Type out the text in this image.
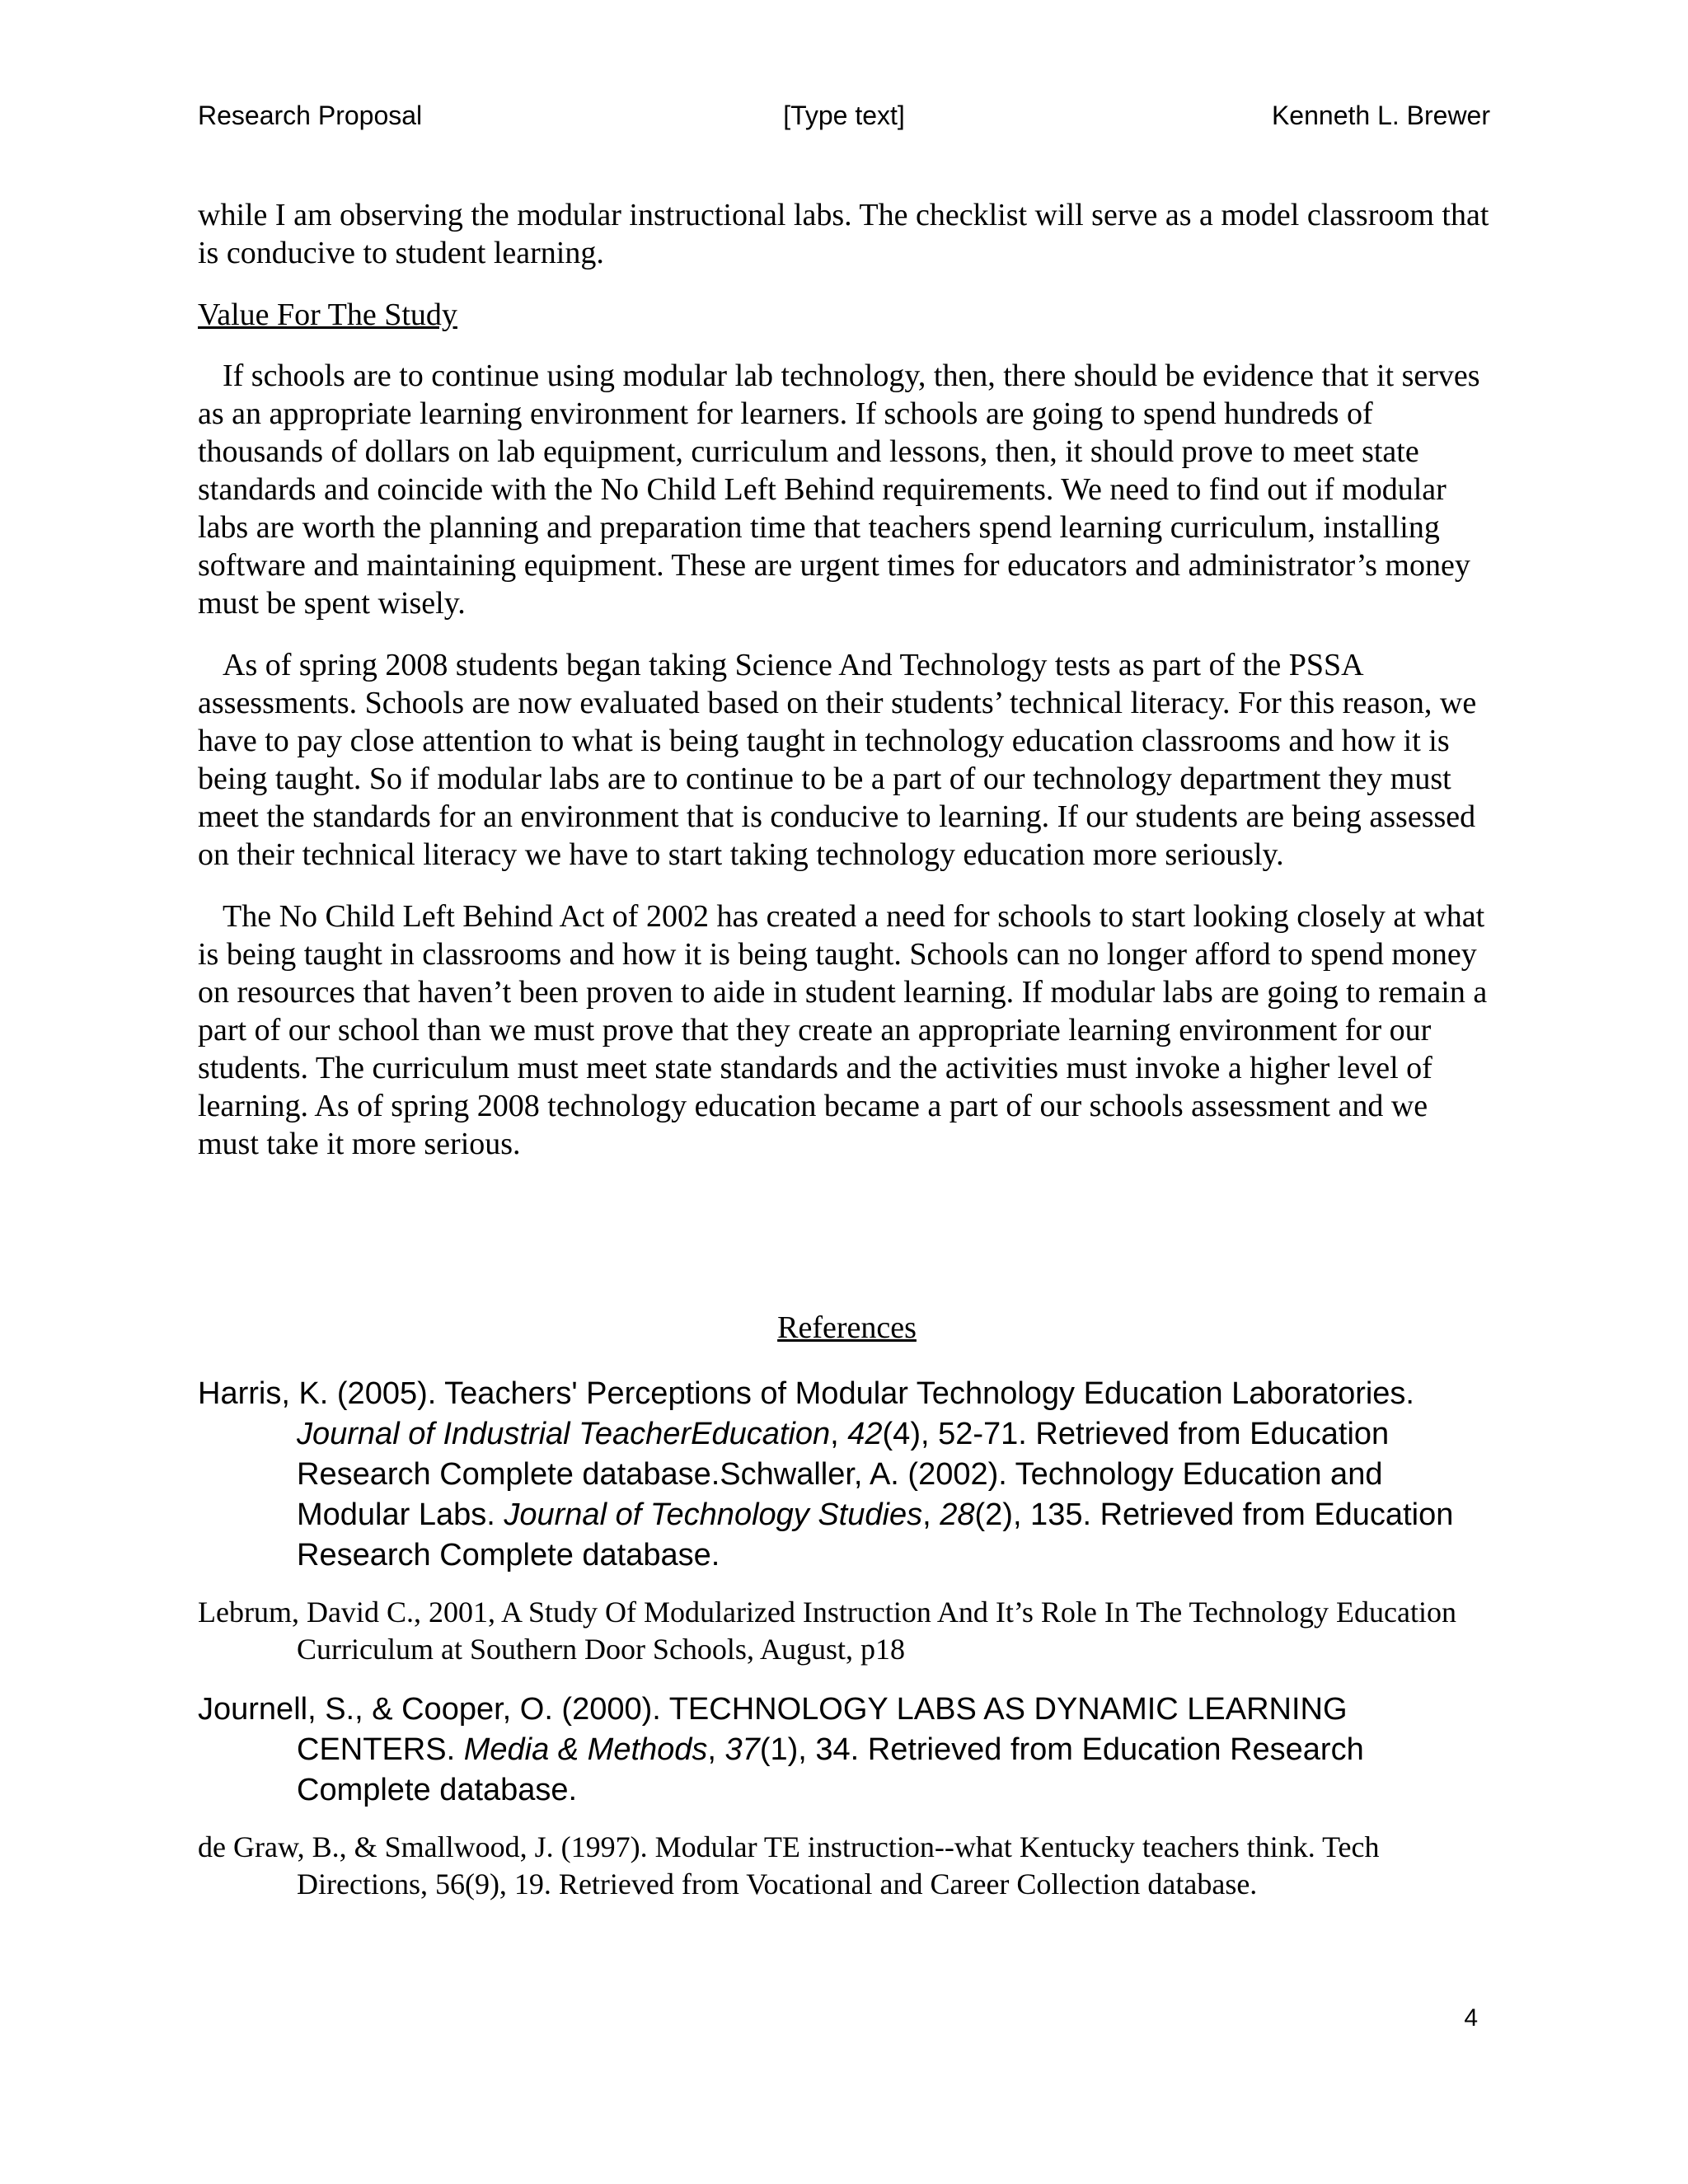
Research Proposal	[Type text]	Kenneth L. Brewer

while I am observing the modular instructional labs. The checklist will serve as a model classroom that is conducive to student learning.

Value For The Study

If schools are to continue using modular lab technology, then, there should be evidence that it serves as an appropriate learning environment for learners. If schools are going to spend hundreds of thousands of dollars on lab equipment, curriculum and lessons, then, it should prove to meet state standards and coincide with the No Child Left Behind requirements. We need to find out if modular labs are worth the planning and preparation time that teachers spend learning curriculum, installing software and maintaining equipment. These are urgent times for educators and administrator’s money must be spent wisely.

As of spring 2008 students began taking Science And Technology tests as part of the PSSA assessments. Schools are now evaluated based on their students’ technical literacy. For this reason, we have to pay close attention to what is being taught in technology education classrooms and how it is being taught. So if modular labs are to continue to be a part of our technology department they must meet the standards for an environment that is conducive to learning. If our students are being assessed on their technical literacy we have to start taking technology education more seriously.

The No Child Left Behind Act of 2002 has created a need for schools to start looking closely at what is being taught in classrooms and how it is being taught. Schools can no longer afford to spend money on resources that haven’t been proven to aide in student learning. If modular labs are going to remain a part of our school than we must prove that they create an appropriate learning environment for our students. The curriculum must meet state standards and the activities must invoke a higher level of learning. As of spring 2008 technology education became a part of our schools assessment and we must take it more serious.

References

Harris, K. (2005). Teachers' Perceptions of Modular Technology Education Laboratories. Journal of Industrial TeacherEducation, 42(4), 52-71. Retrieved from Education Research Complete database.Schwaller, A. (2002). Technology Education and Modular Labs. Journal of Technology Studies, 28(2), 135. Retrieved from Education Research Complete database.

Lebrum, David C., 2001, A Study Of Modularized Instruction And It’s Role In The Technology Education Curriculum at Southern Door Schools, August, p18

Journell, S., & Cooper, O. (2000). TECHNOLOGY LABS AS DYNAMIC LEARNING CENTERS. Media & Methods, 37(1), 34. Retrieved from Education Research Complete database.

de Graw, B., & Smallwood, J. (1997). Modular TE instruction--what Kentucky teachers think. Tech Directions, 56(9), 19. Retrieved from Vocational and Career Collection database.

4
